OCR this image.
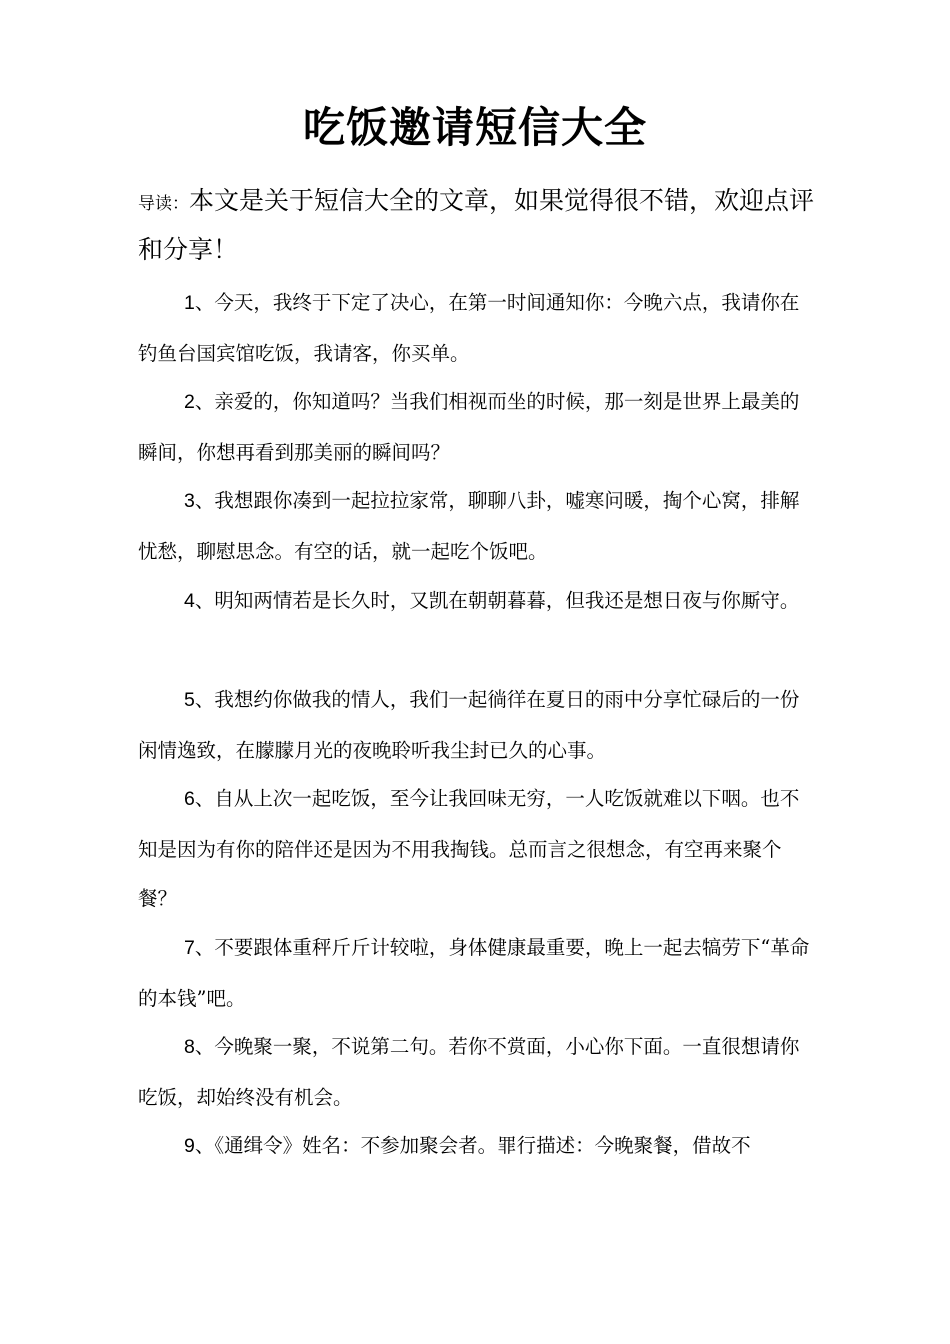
吃饭邀请短信大全
导读：本文是关于短信大全的文章，如果觉得很不错，欢迎点评和分享！
1、今天，我终于下定了决心，在第一时间通知你：今晚六点，我请你在钓鱼台国宾馆吃饭，我请客，你买单。
2、亲爱的，你知道吗？当我们相视而坐的时候，那一刻是世界上最美的瞬间，你想再看到那美丽的瞬间吗？
3、我想跟你凑到一起拉拉家常，聊聊八卦，嘘寒问暖，掏个心窝，排解忧愁，聊慰思念。有空的话，就一起吃个饭吧。
4、明知两情若是长久时，又凯在朝朝暮暮，但我还是想日夜与你厮守。
5、我想约你做我的情人，我们一起徜徉在夏日的雨中分享忙碌后的一份闲情逸致，在朦朦月光的夜晚聆听我尘封已久的心事。
6、自从上次一起吃饭，至今让我回味无穷，一人吃饭就难以下咽。也不知是因为有你的陪伴还是因为不用我掏钱。总而言之很想念，有空再来聚个餐？
7、不要跟体重秤斤斤计较啦，身体健康最重要，晚上一起去犒劳下“革命的本钱”吧。
8、今晚聚一聚，不说第二句。若你不赏面，小心你下面。一直很想请你吃饭，却始终没有机会。
9、《通缉令》姓名：不参加聚会者。罪行描述：今晚聚餐，借故不
